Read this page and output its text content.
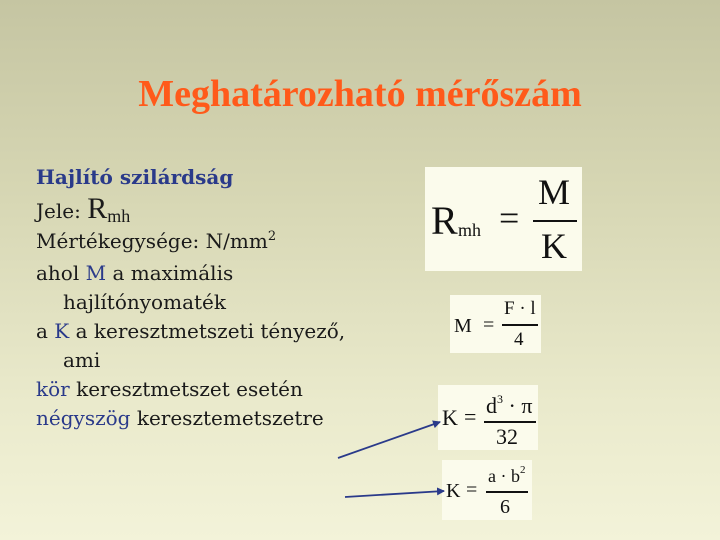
Meghatározható mérőszám
Hajlító szilárdság
Jele: Rmh
Mértékegysége: $N/mm^2$
ahol M a maximális
hajlítónyomaték
a K a keresztmetszeti tényező,
ami
kör keresztmetszet esetén
négyszög keresztemetszetre
R mh =
M
K
M =
F · l
4
$K = d^3 \cdot \pi$
32
K =
$a \cdot b^2$
6
